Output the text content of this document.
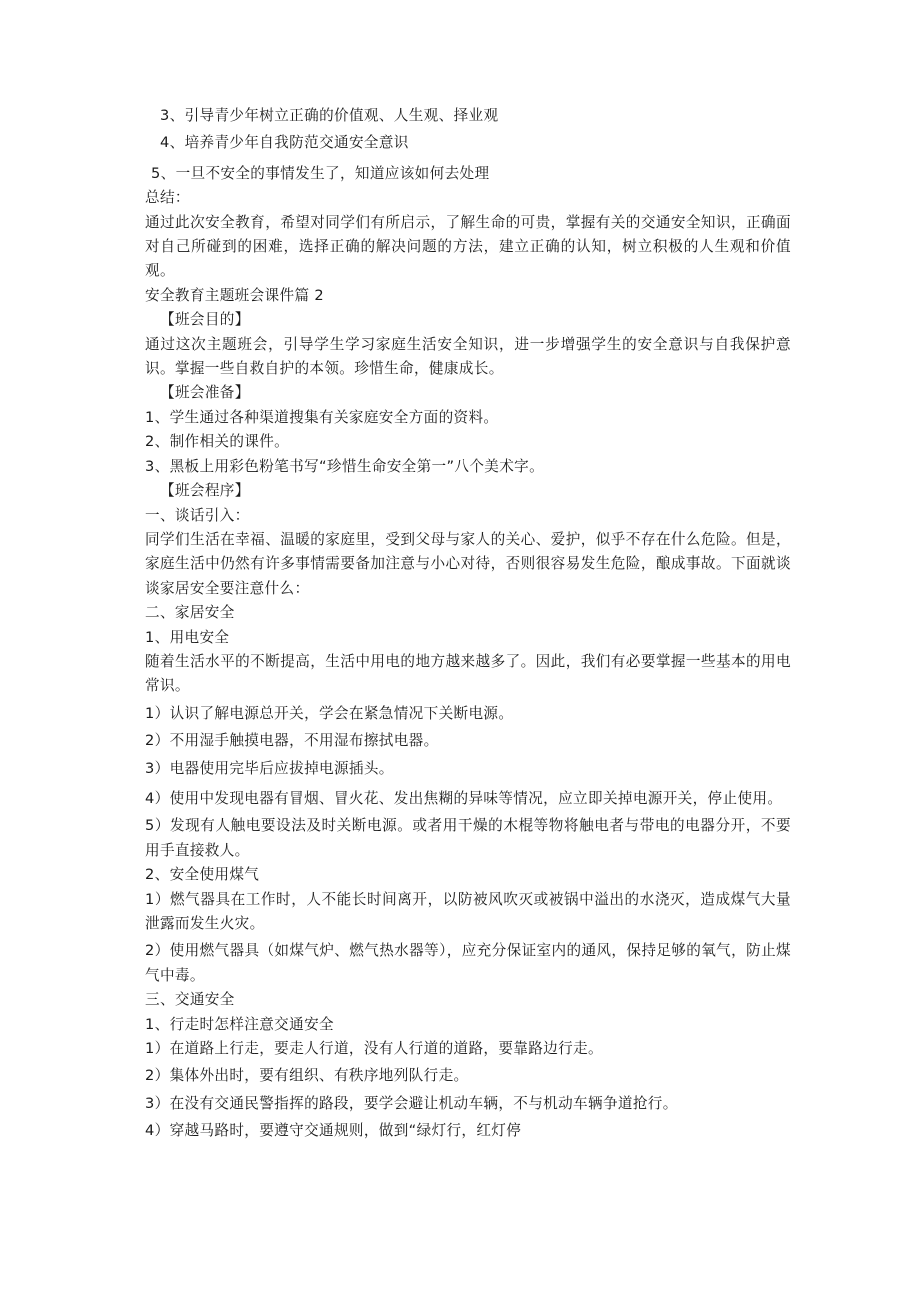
3、引导青少年树立正确的价值观、人生观、择业观
4、培养青少年自我防范交通安全意识
5、一旦不安全的事情发生了，知道应该如何去处理
总结：
通过此次安全教育，希望对同学们有所启示，了解生命的可贵，掌握有关的交通安全知识，正确面对自己所碰到的困难，选择正确的解决问题的方法，建立正确的认知，树立积极的人生观和价值观。
安全教育主题班会课件篇 2
【班会目的】
通过这次主题班会，引导学生学习家庭生活安全知识，进一步增强学生的安全意识与自我保护意识。掌握一些自救自护的本领。珍惜生命，健康成长。
【班会准备】
1、学生通过各种渠道搜集有关家庭安全方面的资料。
2、制作相关的课件。
3、黑板上用彩色粉笔书写“珍惜生命安全第一”八个美术字。
【班会程序】
一、谈话引入：
同学们生活在幸福、温暖的家庭里，受到父母与家人的关心、爱护，似乎不存在什么危险。但是，家庭生活中仍然有许多事情需要备加注意与小心对待，否则很容易发生危险，酿成事故。下面就谈谈家居安全要注意什么：
二、家居安全
1、用电安全
随着生活水平的不断提高，生活中用电的地方越来越多了。因此，我们有必要掌握一些基本的用电常识。
1）认识了解电源总开关，学会在紧急情况下关断电源。
2）不用湿手触摸电器，不用湿布擦拭电器。
3）电器使用完毕后应拔掉电源插头。
4）使用中发现电器有冒烟、冒火花、发出焦糊的异味等情况，应立即关掉电源开关，停止使用。
5）发现有人触电要设法及时关断电源。或者用干燥的木棍等物将触电者与带电的电器分开，不要用手直接救人。
2、安全使用煤气
1）燃气器具在工作时，人不能长时间离开，以防被风吹灭或被锅中溢出的水浇灭，造成煤气大量泄露而发生火灾。
2）使用燃气器具（如煤气炉、燃气热水器等），应充分保证室内的通风，保持足够的氧气，防止煤气中毒。
三、交通安全
1、行走时怎样注意交通安全
1）在道路上行走，要走人行道，没有人行道的道路，要靠路边行走。
2）集体外出时，要有组织、有秩序地列队行走。
3）在没有交通民警指挥的路段，要学会避让机动车辆，不与机动车辆争道抢行。
4）穿越马路时，要遵守交通规则，做到“绿灯行，红灯停
